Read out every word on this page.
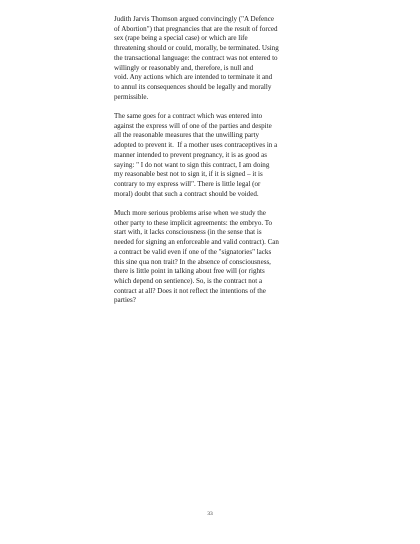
Judith Jarvis Thomson argued convincingly ("A Defence
of Abortion") that pregnancies that are the result of forced
sex (rape being a special case) or which are life
threatening should or could, morally, be terminated. Using
the transactional language: the contract was not entered to
willingly or reasonably and, therefore, is null and
void. Any actions which are intended to terminate it and
to annul its consequences should be legally and morally
permissible.

The same goes for a contract which was entered into
against the express will of one of the parties and despite
all the reasonable measures that the unwilling party
adopted to prevent it.  If a mother uses contraceptives in a
manner intended to prevent pregnancy, it is as good as
saying: " I do not want to sign this contract, I am doing
my reasonable best not to sign it, if it is signed – it is
contrary to my express will". There is little legal (or
moral) doubt that such a contract should be voided.

Much more serious problems arise when we study the
other party to these implicit agreements: the embryo. To
start with, it lacks consciousness (in the sense that is
needed for signing an enforceable and valid contract). Can
a contract be valid even if one of the "signatories" lacks
this sine qua non trait? In the absence of consciousness,
there is little point in talking about free will (or rights
which depend on sentience). So, is the contract not a
contract at all? Does it not reflect the intentions of the
parties?

33
